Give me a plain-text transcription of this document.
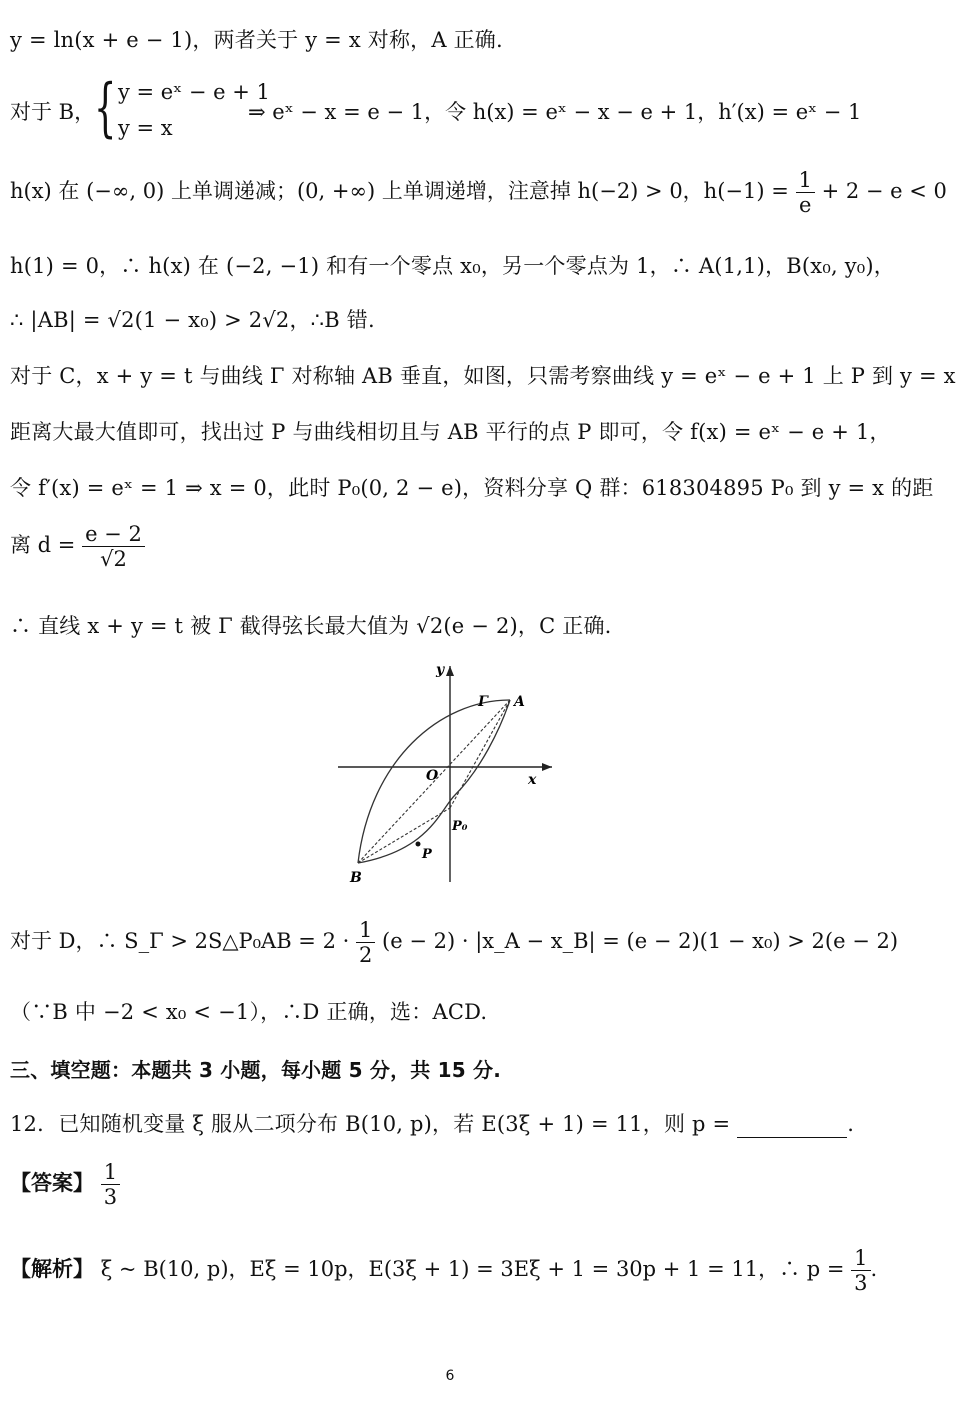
y = ln(x + e − 1)，两者关于 y = x 对称，A 正确.
对于 B，
{ y = eˣ − e + 1
y = x
⇒ eˣ − x = e − 1，令 h(x) = eˣ − x − e + 1，h′(x) = eˣ − 1
h(x) 在 (−∞, 0) 上单调递减；(0, +∞) 上单调递增，注意掉 h(−2) > 0，$h(-1) = \frac{1}{e} + 2 - e < 0$
h(1) = 0，∴ h(x) 在 (−2, −1) 和有一个零点 x₀，另一个零点为 1，∴ A(1,1)，B(x₀, y₀)，
∴ |AB| = √2(1 − x₀) > 2√2，∴B 错.
对于 C，x + y = t 与曲线 Γ 对称轴 AB 垂直，如图，只需考察曲线 y = eˣ − e + 1 上 P 到 y = x
距离大最大值即可，找出过 P 与曲线相切且与 AB 平行的点 P 即可，令 f(x) = eˣ − e + 1，
令 f′(x) = eˣ = 1 ⇒ x = 0，此时 P₀(0, 2 − e)，资料分享 Q 群：618304895 P₀ 到 y = x 的距
离 $d = \frac{e - 2}{√2}$
∴ 直线 x + y = t 被 Γ 截得弦长最大值为 √2(e − 2)，C 正确.
y
x
Γ A
O
P₀
P
B
对于 D，∴ S_Γ > 2S△P₀AB = $2 \cdot \frac{1}{2} (e - 2)$ · |x_A − x_B| = (e − 2)(1 − x₀) > 2(e − 2)
（∵B 中 −2 < x₀ < −1），∴D 正确，选：ACD.
三、填空题：本题共 3 小题，每小题 5 分，共 15 分.
12．已知随机变量 ξ 服从二项分布 B(10, p)，若 E(3ξ + 1) = 11，则 p =	.
【答案】 $\frac{1}{3}$
【解析】 ξ ~ B(10, p)，Eξ = 10p，E(3ξ + 1) = 3Eξ + 1 = 30p + 1 = 11，∴ $p = \frac{1}{3}$ .
6
